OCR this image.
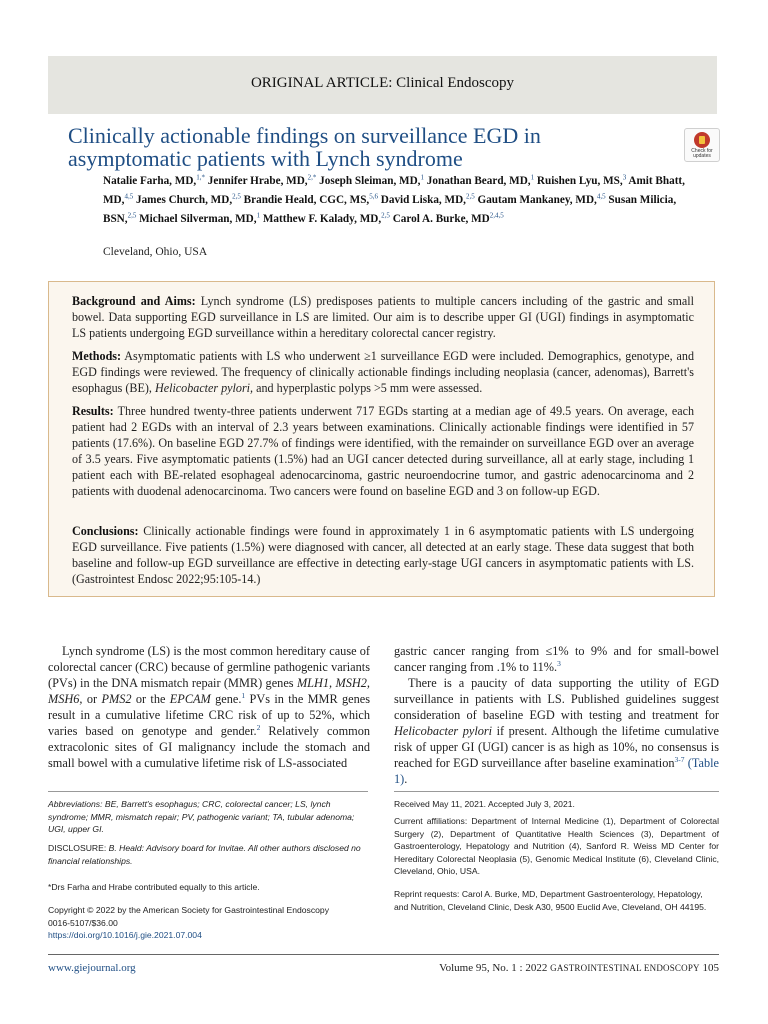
ORIGINAL ARTICLE: Clinical Endoscopy
Clinically actionable findings on surveillance EGD in asymptomatic patients with Lynch syndrome	Check for updates
Natalie Farha, MD,$^{1,*}$ Jennifer Hrabe, MD,$^{2,*}$ Joseph Sleiman, MD,$^1$ Jonathan Beard, MD,$^1$ Ruishen Lyu, MS,$^3$ Amit Bhatt, MD,$^{4,5}$ James Church, MD,$^{2,5}$ Brandie Heald, CGC, MS,$^{5,6}$ David Liska, MD,$^{2,5}$ Gautam Mankaney, MD,$^{4,5}$ Susan Milicia, BSN,$^{2,5}$ Michael Silverman, MD,$^1$ Matthew F. Kalady, MD,$^{2,5}$ Carol A. Burke, MD$^{2,4,5}$
Cleveland, Ohio, USA
Background and Aims: Lynch syndrome (LS) predisposes patients to multiple cancers including of the gastric and small bowel. Data supporting EGD surveillance in LS are limited. Our aim is to describe upper GI (UGI) findings in asymptomatic LS patients undergoing EGD surveillance within a hereditary colorectal cancer registry.
Methods: Asymptomatic patients with LS who underwent ≥1 surveillance EGD were included. Demographics, genotype, and EGD findings were reviewed. The frequency of clinically actionable findings including neoplasia (cancer, adenomas), Barrett's esophagus (BE), Helicobacter pylori, and hyperplastic polyps >5 mm were assessed.
Results: Three hundred twenty-three patients underwent 717 EGDs starting at a median age of 49.5 years. On average, each patient had 2 EGDs with an interval of 2.3 years between examinations. Clinically actionable findings were identified in 57 patients (17.6%). On baseline EGD 27.7% of findings were identified, with the remainder on surveillance EGD over an average of 3.5 years. Five asymptomatic patients (1.5%) had an UGI cancer detected during surveillance, all at early stage, including 1 patient each with BE-related esophageal adenocarcinoma, gastric neuroendocrine tumor, and gastric adenocarcinoma and 2 patients with duodenal adenocarcinoma. Two cancers were found on baseline EGD and 3 on follow-up EGD.
Conclusions: Clinically actionable findings were found in approximately 1 in 6 asymptomatic patients with LS undergoing EGD surveillance. Five patients (1.5%) were diagnosed with cancer, all detected at an early stage. These data suggest that both baseline and follow-up EGD surveillance are effective in detecting early-stage UGI cancers in asymptomatic patients with LS. (Gastrointest Endosc 2022;95:105-14.)

Lynch syndrome (LS) is the most common hereditary cause of colorectal cancer (CRC) because of germline pathogenic variants (PVs) in the DNA mismatch repair (MMR) genes MLH1, MSH2, MSH6, or PMS2 or the EPCAM gene.$^1$ PVs in the MMR genes result in a cumulative lifetime CRC risk of up to 52%, which varies based on genotype and gender.$^2$ Relatively common extracolonic sites of GI malignancy include the stomach and small bowel with a cumulative lifetime risk of LS-associated

gastric cancer ranging from ≤1% to 9% and for small-bowel cancer ranging from .1% to 11%.$^3$

There is a paucity of data supporting the utility of EGD surveillance in patients with LS. Published guidelines suggest consideration of baseline EGD with testing and treatment for Helicobacter pylori if present. Although the lifetime cumulative risk of upper GI (UGI) cancer is as high as 10%, no consensus is reached for EGD surveillance after baseline examination$^{3-7}$ (Table 1).

Abbreviations: BE, Barrett's esophagus; CRC, colorectal cancer; LS, lynch syndrome; MMR, mismatch repair; PV, pathogenic variant; TA, tubular adenoma; UGI, upper GI.
DISCLOSURE: B. Heald: Advisory board for Invitae. All other authors disclosed no financial relationships.
*Drs Farha and Hrabe contributed equally to this article.
Copyright © 2022 by the American Society for Gastrointestinal Endoscopy
0016-5107/$36.00
https://doi.org/10.1016/j.gie.2021.07.004
Received May 11, 2021. Accepted July 3, 2021.
Current affiliations: Department of Internal Medicine (1), Department of Colorectal Surgery (2), Department of Quantitative Health Sciences (3), Department of Gastroenterology, Hepatology and Nutrition (4), Sanford R. Weiss MD Center for Hereditary Colorectal Neoplasia (5), Genomic Medical Institute (6), Cleveland Clinic, Cleveland, Ohio, USA.
Reprint requests: Carol A. Burke, MD, Department Gastroenterology, Hepatology, and Nutrition, Cleveland Clinic, Desk A30, 9500 Euclid Ave, Cleveland, OH 44195.
www.giejournal.org	Volume 95, No. 1 : 2022 GASTROINTESTINAL ENDOSCOPY 105
